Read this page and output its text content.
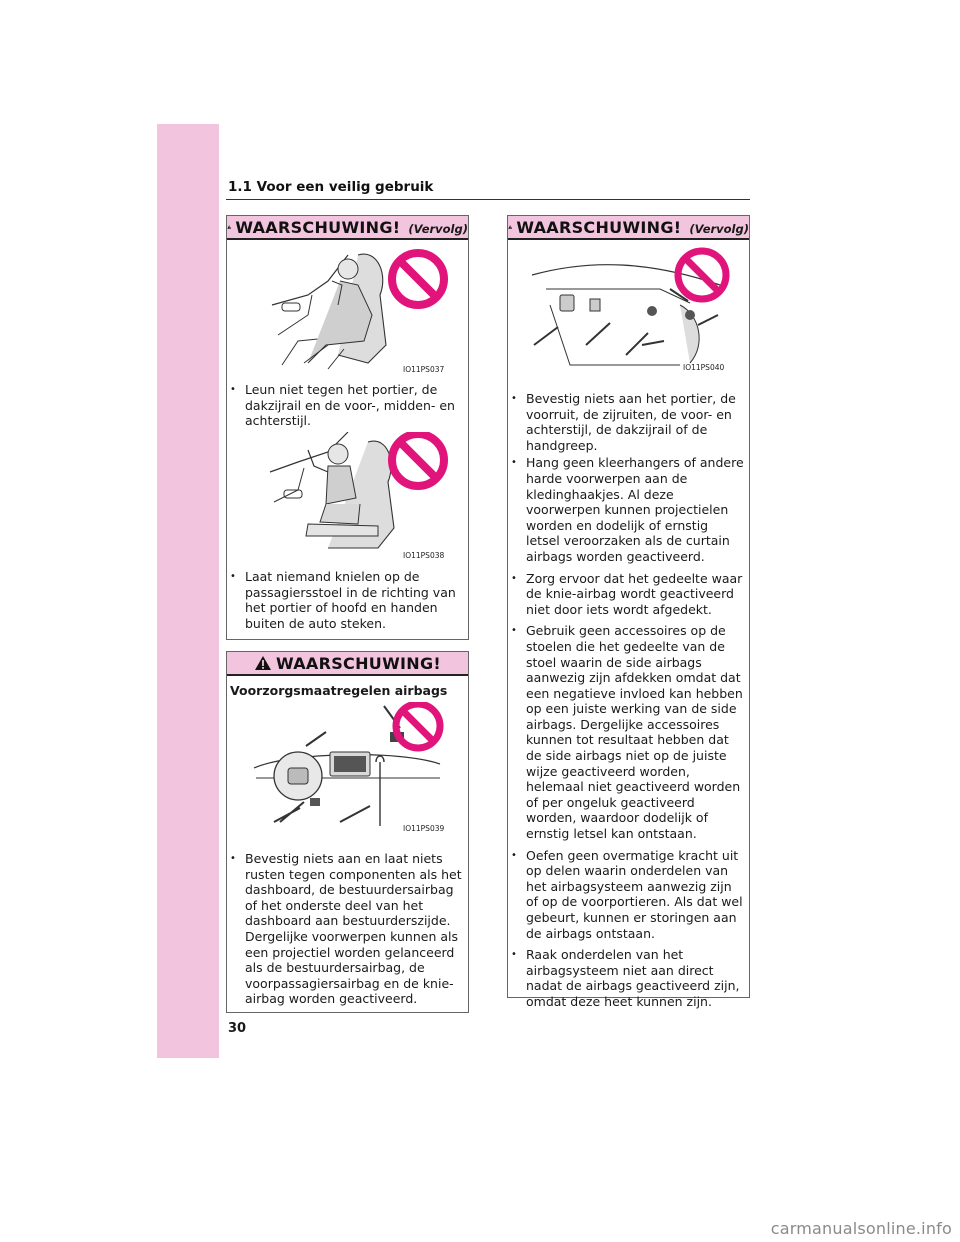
1.1 Voor een veilig gebruik
WAARSCHUWING! (Vervolg)
IO11PS037
• Leun niet tegen het portier, de dakzijrail en de voor-, midden- en achterstijl.
IO11PS038
• Laat niemand knielen op de passagiersstoel in de richting van het portier of hoofd en handen buiten de auto steken.
WAARSCHUWING!
Voorzorgsmaatregelen airbags
IO11PS039
• Bevestig niets aan en laat niets rusten tegen componenten als het dashboard, de bestuurdersairbag of het onderste deel van het dashboard aan bestuurderszijde. Dergelijke voorwerpen kunnen als een projectiel worden gelanceerd als de bestuurdersairbag, de voorpassagiersairbag en de knie-airbag worden geactiveerd.
WAARSCHUWING! (Vervolg)
IO11PS040
• Bevestig niets aan het portier, de voorruit, de zijruiten, de voor- en achterstijl, de dakzijrail of de handgreep.
• Hang geen kleerhangers of andere harde voorwerpen aan de kledinghaakjes. Al deze voorwerpen kunnen projectielen worden en dodelijk of ernstig letsel veroorzaken als de curtain airbags worden geactiveerd.
• Zorg ervoor dat het gedeelte waar de knie-airbag wordt geactiveerd niet door iets wordt afgedekt.
• Gebruik geen accessoires op de stoelen die het gedeelte van de stoel waarin de side airbags aanwezig zijn afdekken omdat dat een negatieve invloed kan hebben op een juiste werking van de side airbags. Dergelijke accessoires kunnen tot resultaat hebben dat de side airbags niet op de juiste wijze geactiveerd worden, helemaal niet geactiveerd worden of per ongeluk geactiveerd worden, waardoor dodelijk of ernstig letsel kan ontstaan.
• Oefen geen overmatige kracht uit op delen waarin onderdelen van het airbagsysteem aanwezig zijn of op de voorportieren. Als dat wel gebeurt, kunnen er storingen aan de airbags ontstaan.
• Raak onderdelen van het airbagsysteem niet aan direct nadat de airbags geactiveerd zijn, omdat deze heet kunnen zijn.
30
carmanualsonline.info
